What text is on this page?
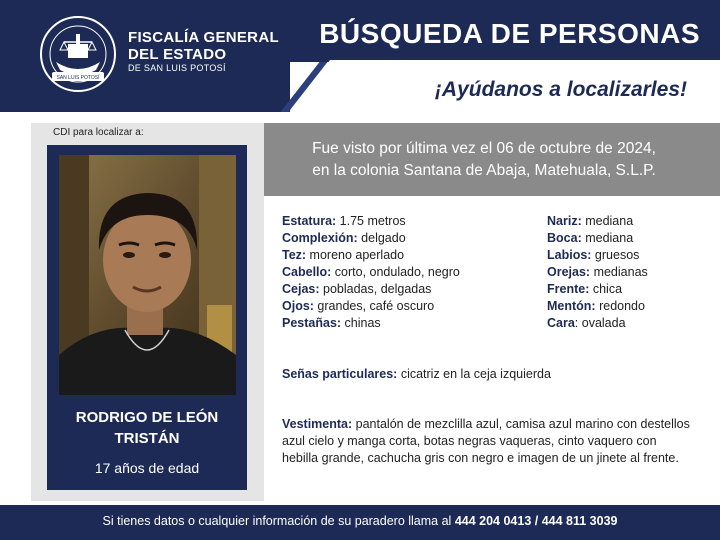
SAN LUIS POTOSÍ
FISCALÍA GENERAL
DEL ESTADO
DE SAN LUIS POTOSÍ
BÚSQUEDA DE PERSONAS
¡Ayúdanos a localizarles!
CDI para localizar a:
RODRIGO DE LEÓN
TRISTÁN
17 años de edad
Fue visto por última vez el 06 de octubre de 2024,
en la colonia Santana de Abaja, Matehuala, S.L.P.
Estatura: 1.75 metros
Complexión: delgado
Tez: moreno aperlado
Cabello: corto, ondulado, negro
Cejas: pobladas, delgadas
Ojos: grandes, café oscuro
Pestañas: chinas
Nariz: mediana
Boca: mediana
Labios: gruesos
Orejas: medianas
Frente: chica
Mentón: redondo
Cara: ovalada
Señas particulares: cicatriz en la ceja izquierda
Vestimenta: pantalón de mezclilla azul, camisa azul marino con destellos azul cielo y manga corta, botas negras vaqueras, cinto vaquero con hebilla grande, cachucha gris con negro e imagen de un jinete al frente.
Si tienes datos o cualquier información de su paradero llama al 444 204 0413 / 444 811 3039
